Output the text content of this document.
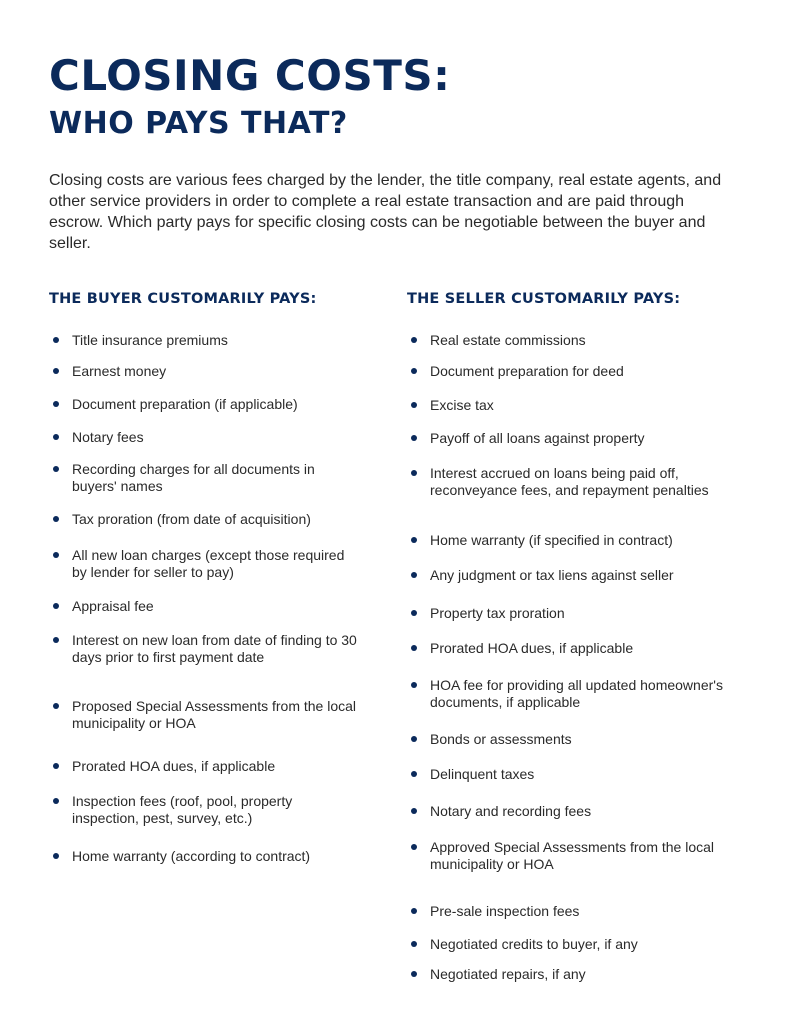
CLOSING COSTS:
WHO PAYS THAT?

Closing costs are various fees charged by the lender, the title company, real estate agents, and other service providers in order to complete a real estate transaction and are paid through escrow. Which party pays for specific closing costs can be negotiable between the buyer and seller.

THE BUYER CUSTOMARILY PAYS:	THE SELLER CUSTOMARILY PAYS:
Title insurance premiums
Earnest money
Document preparation (if applicable)
Notary fees
Recording charges for all documents in buyers' names
Tax proration (from date of acquisition)
All new loan charges (except those required by lender for seller to pay)
Appraisal fee
Interest on new loan from date of finding to 30 days prior to first payment date
Proposed Special Assessments from the local municipality or HOA
Prorated HOA dues, if applicable
Inspection fees (roof, pool, property inspection, pest, survey, etc.)
Home warranty (according to contract)
Real estate commissions
Document preparation for deed
Excise tax
Payoff of all loans against property
Interest accrued on loans being paid off, reconveyance fees, and repayment penalties
Home warranty (if specified in contract)
Any judgment or tax liens against seller
Property tax proration
Prorated HOA dues, if applicable
HOA fee for providing all updated homeowner's documents, if applicable
Bonds or assessments
Delinquent taxes
Notary and recording fees
Approved Special Assessments from the local municipality or HOA
Pre-sale inspection fees
Negotiated credits to buyer, if any
Negotiated repairs, if any
